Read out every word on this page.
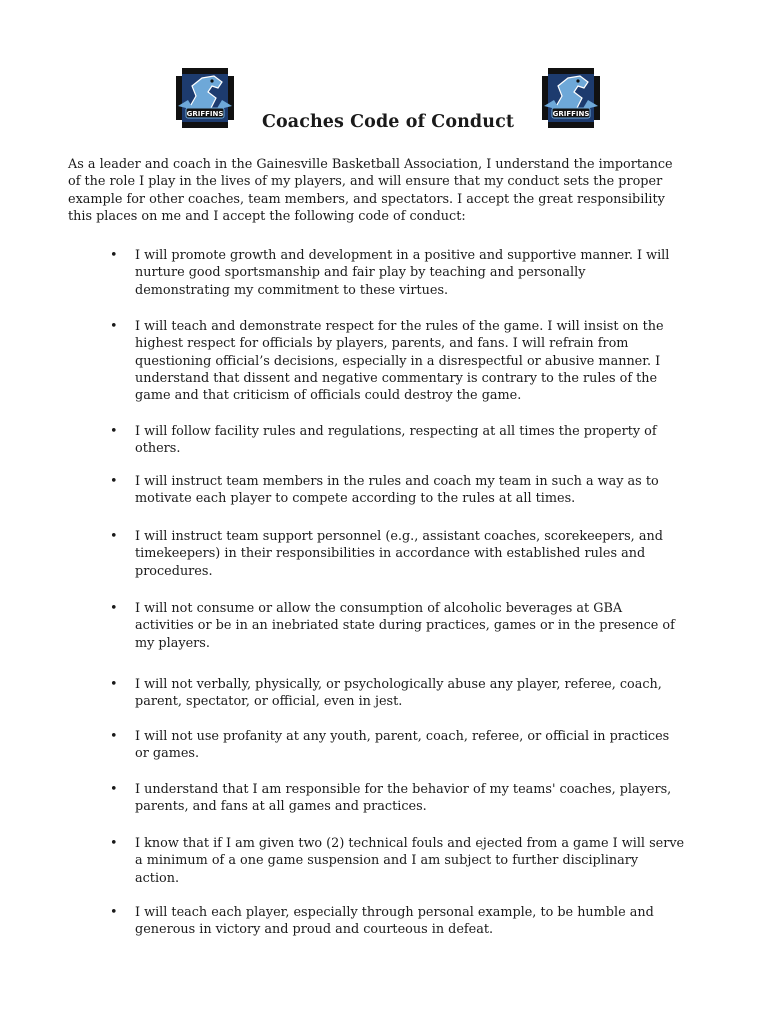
GRIFFINS	GRIFFINS
Coaches Code of Conduct
As a leader and coach in the Gainesville Basketball Association, I understand the importance
of the role I play in the lives of my players, and will ensure that my conduct sets the proper
example for other coaches, team members, and spectators. I accept the great responsibility
this places on me and I accept the following code of conduct:
•	I will promote growth and development in a positive and supportive manner. I will
nurture good sportsmanship and fair play by teaching and personally
demonstrating my commitment to these virtues.
•	I will teach and demonstrate respect for the rules of the game. I will insist on the
highest respect for officials by players, parents, and fans. I will refrain from
questioning official’s decisions, especially in a disrespectful or abusive manner. I
understand that dissent and negative commentary is contrary to the rules of the
game and that criticism of officials could destroy the game.
•	I will follow facility rules and regulations, respecting at all times the property of
others.
•	I will instruct team members in the rules and coach my team in such a way as to
motivate each player to compete according to the rules at all times.
•	I will instruct team support personnel (e.g., assistant coaches, scorekeepers, and
timekeepers) in their responsibilities in accordance with established rules and
procedures.
•	I will not consume or allow the consumption of alcoholic beverages at GBA
activities or be in an inebriated state during practices, games or in the presence of
my players.
•	I will not verbally, physically, or psychologically abuse any player, referee, coach,
parent, spectator, or official, even in jest.
•	I will not use profanity at any youth, parent, coach, referee, or official in practices
or games.
•	I understand that I am responsible for the behavior of my teams' coaches, players,
parents, and fans at all games and practices.
•	I know that if I am given two (2) technical fouls and ejected from a game I will serve
a minimum of a one game suspension and I am subject to further disciplinary
action.
•	I will teach each player, especially through personal example, to be humble and
generous in victory and proud and courteous in defeat.
